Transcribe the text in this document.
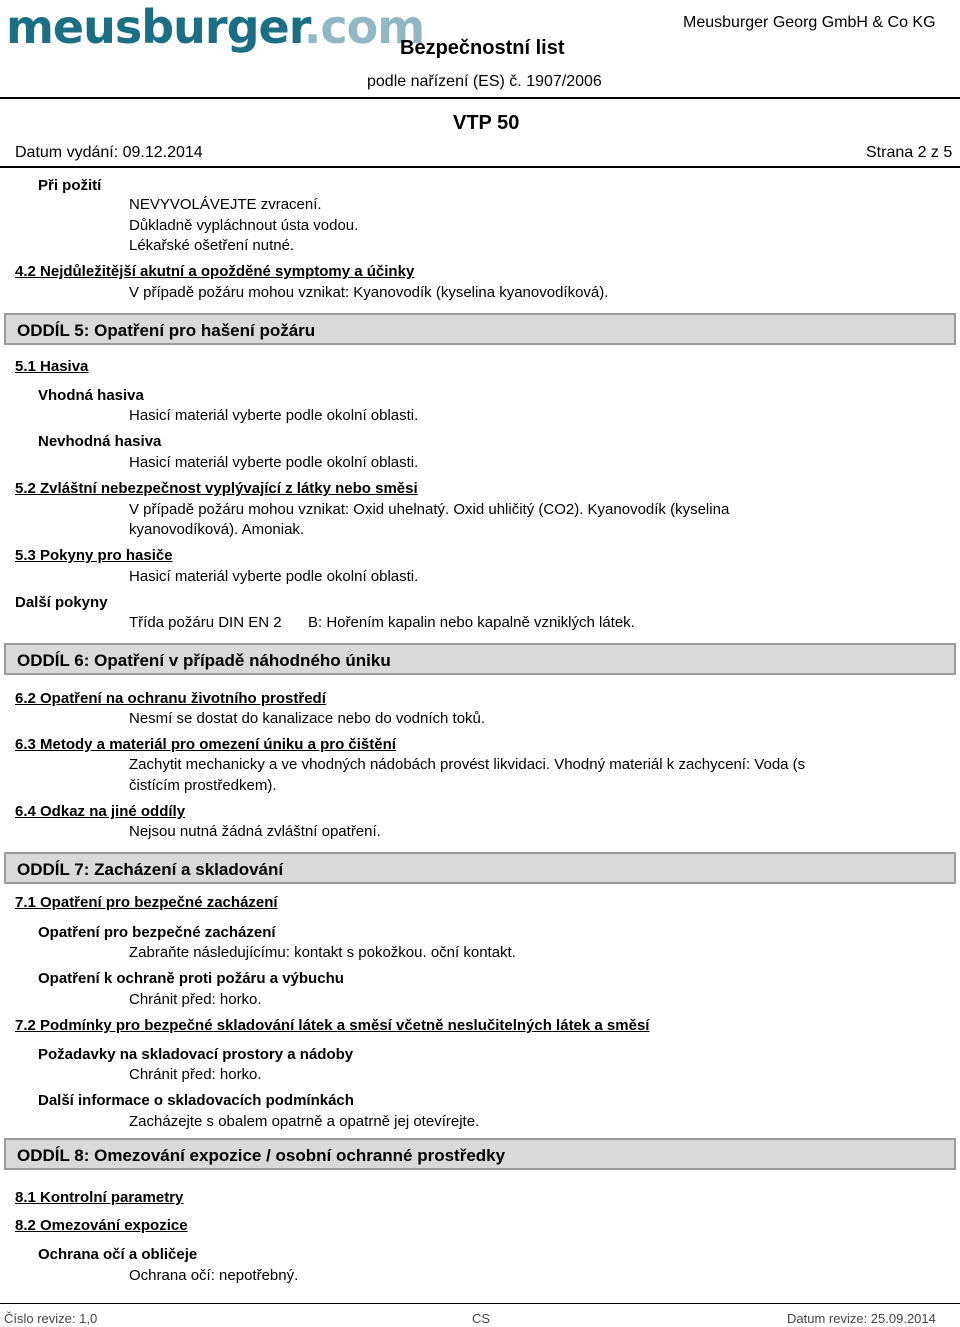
meusburger.com
Bezpečnostní list
Meusburger Georg GmbH & Co KG
podle nařízení (ES) č. 1907/2006
VTP 50
Datum vydání: 09.12.2014	Strana 2 z 5
Při požití
NEVYVOLÁVEJTE zvracení.
Důkladně vypláchnout ústa vodou.
Lékařské ošetření nutné.
4.2 Nejdůležitější akutní a opožděné symptomy a účinky
V případě požáru mohou vznikat: Kyanovodík (kyselina kyanovodíková).
ODDÍL 5: Opatření pro hašení požáru
5.1 Hasiva
Vhodná hasiva
Hasicí materiál vyberte podle okolní oblasti.
Nevhodná hasiva
Hasicí materiál vyberte podle okolní oblasti.
5.2 Zvláštní nebezpečnost vyplývající z látky nebo směsi
V případě požáru mohou vznikat: Oxid uhelnatý. Oxid uhličitý (CO2). Kyanovodík (kyselina
kyanovodíková). Amoniak.
5.3 Pokyny pro hasiče
Hasicí materiál vyberte podle okolní oblasti.
Další pokyny
Třída požáru DIN EN 2 B: Hořením kapalin nebo kapalně vzniklých látek.
ODDÍL 6: Opatření v případě náhodného úniku
6.2 Opatření na ochranu životního prostředí
Nesmí se dostat do kanalizace nebo do vodních toků.
6.3 Metody a materiál pro omezení úniku a pro čištění
Zachytit mechanicky a ve vhodných nádobách provést likvidaci. Vhodný materiál k zachycení: Voda (s
čistícím prostředkem).
6.4 Odkaz na jiné oddíly
Nejsou nutná žádná zvláštní opatření.
ODDÍL 7: Zacházení a skladování
7.1 Opatření pro bezpečné zacházení
Opatření pro bezpečné zacházení
Zabraňte následujícímu: kontakt s pokožkou. oční kontakt.
Opatření k ochraně proti požáru a výbuchu
Chránit před: horko.
7.2 Podmínky pro bezpečné skladování látek a směsí včetně neslučitelných látek a směsí
Požadavky na skladovací prostory a nádoby
Chránit před: horko.
Další informace o skladovacích podmínkách
Zacházejte s obalem opatrně a opatrně jej otevírejte.
ODDÍL 8: Omezování expozice / osobní ochranné prostředky
8.1 Kontrolní parametry
8.2 Omezování expozice
Ochrana očí a obličeje
Ochrana očí: nepotřebný.
Číslo revize: 1,0	CS	Datum revize: 25.09.2014
